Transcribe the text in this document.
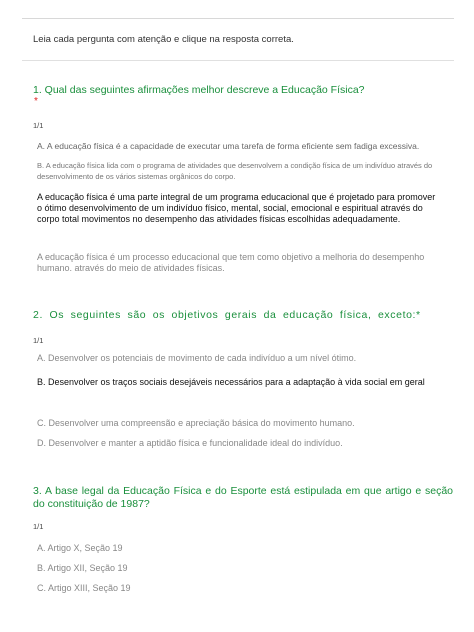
Leia cada pergunta com atenção e clique na resposta correta.
1. Qual das seguintes afirmações melhor descreve a Educação Física?
*
1/1
A. A educação física é a capacidade de executar uma tarefa de forma eficiente sem fadiga excessiva.
B. A educação física lida com o programa de atividades que desenvolvem a condição física de um indivíduo através do desenvolvimento de os vários sistemas orgânicos do corpo.
A educação física é uma parte integral de um programa educacional que é projetado para promover o ótimo desenvolvimento de um indivíduo físico, mental, social, emocional e espiritual através do corpo total movimentos no desempenho das atividades físicas escolhidas adequadamente.
A educação física é um processo educacional que tem como objetivo a melhoria do desempenho humano. através do meio de atividades físicas.
2. Os seguintes são os objetivos gerais da educação física, exceto:*
1/1
A. Desenvolver os potenciais de movimento de cada indivíduo a um nível ótimo.
B. Desenvolver os traços sociais desejáveis necessários para a adaptação à vida social em geral
C. Desenvolver uma compreensão e apreciação básica do movimento humano.
D. Desenvolver e manter a aptidão física e funcionalidade ideal do indivíduo.
3. A base legal da Educação Física e do Esporte está estipulada em que artigo e seção do constituição de 1987?
1/1
A. Artigo X, Seção 19
B. Artigo XII, Seção 19
C. Artigo XIII, Seção 19
